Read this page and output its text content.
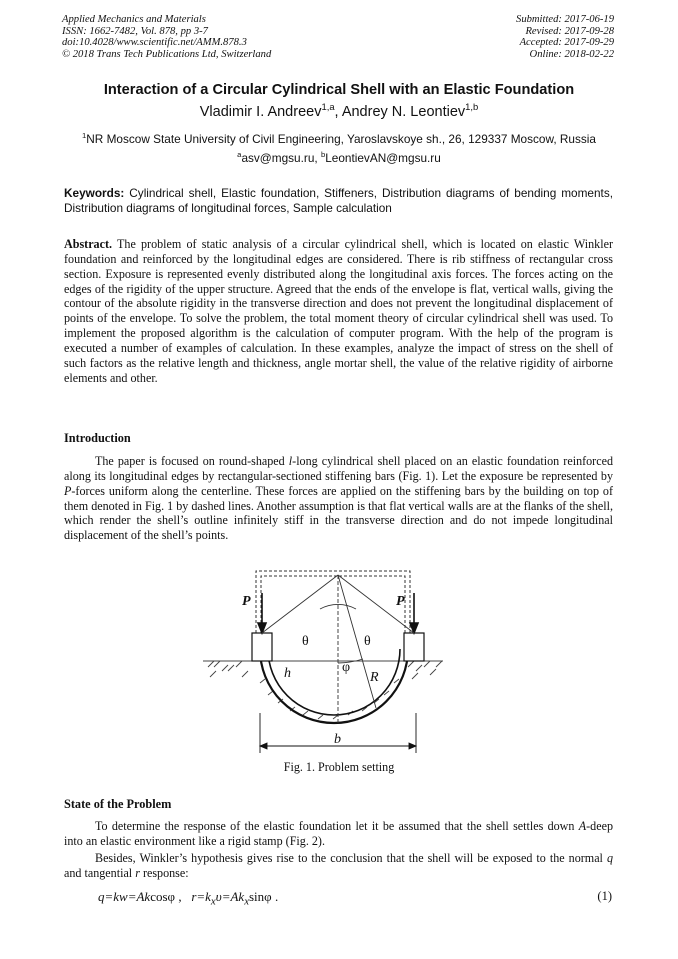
Applied Mechanics and Materials
ISSN: 1662-7482, Vol. 878, pp 3-7
doi:10.4028/www.scientific.net/AMM.878.3
© 2018 Trans Tech Publications Ltd, Switzerland
Submitted: 2017-06-19
Revised: 2017-09-28
Accepted: 2017-09-29
Online: 2018-02-22
Interaction of a Circular Cylindrical Shell with an Elastic Foundation
Vladimir I. Andreev$^{1,a}$, Andrey N. Leontiev$^{1,b}$
$^1$NR Moscow State University of Civil Engineering, Yaroslavskoye sh., 26, 129337 Moscow, Russia
$^a$asv@mgsu.ru, $^b$LeontievAN@mgsu.ru
Keywords: Cylindrical shell, Elastic foundation, Stiffeners, Distribution diagrams of bending moments, Distribution diagrams of longitudinal forces, Sample calculation
Abstract. The problem of static analysis of a circular cylindrical shell, which is located on elastic Winkler foundation and reinforced by the longitudinal edges are considered. There is rib stiffness of rectangular cross section. Exposure is represented evenly distributed along the longitudinal axis forces. The forces acting on the edges of the rigidity of the upper structure. Agreed that the ends of the envelope is flat, vertical walls, giving the contour of the absolute rigidity in the transverse direction and does not prevent the longitudinal displacement of points of the envelope. To solve the problem, the total moment theory of circular cylindrical shell was used. To implement the proposed algorithm is the calculation of computer program. With the help of the program is executed a number of examples of calculation. In these examples, analyze the impact of stress on the shell of such factors as the relative length and thickness, angle mortar shell, the value of the relative rigidity of airborne elements and other.
Introduction
The paper is focused on round-shaped l-long cylindrical shell placed on an elastic foundation reinforced along its longitudinal edges by rectangular-sectioned stiffening bars (Fig. 1). Let the exposure be represented by P-forces uniform along the centerline. These forces are applied on the stiffening bars by the building on top of them denoted in Fig. 1 by dashed lines. Another assumption is that flat vertical walls are at the flanks of the shell, which render the shell’s outline infinitely stiff in the transverse direction and do not impede longitudinal displacement of the shell’s points.
P	P
θ	θ
φ
h	R
b
Fig. 1. Problem setting
State of the Problem
To determine the response of the elastic foundation let it be assumed that the shell settles down A-deep into an elastic environment like a rigid stamp (Fig. 2).
Besides, Winkler’s hypothesis gives rise to the conclusion that the shell will be exposed to the normal q and tangential r response:
q=kw=Akcosφ ,   $r=k_x\upsilon=Ak_x\sin\varphi$ .	(1)
